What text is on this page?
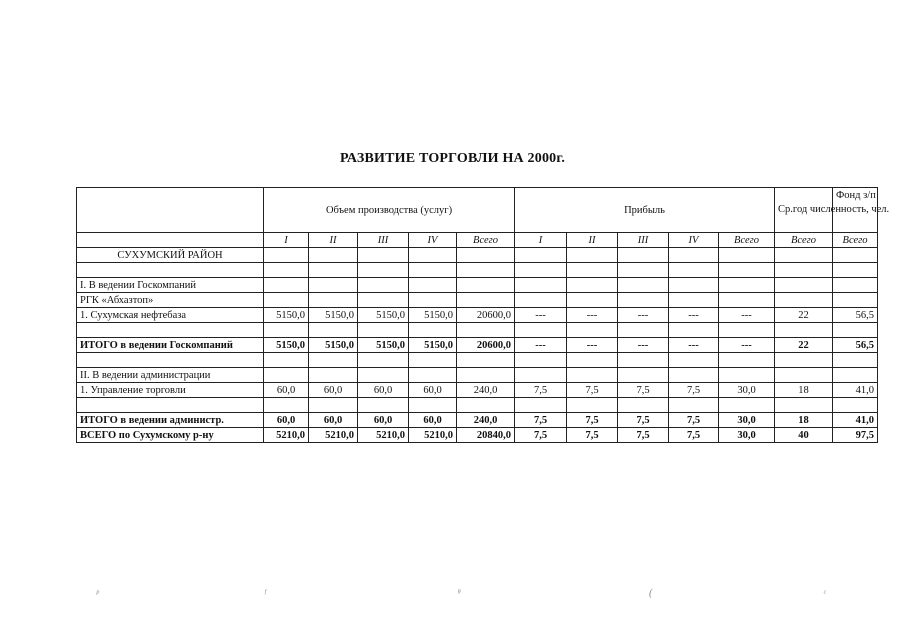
РАЗВИТИЕ ТОРГОВЛИ НА 2000г.
	Объем производства (услуг)					Прибыль					Ср.год численность, чел.	Фонд з/п
	I	II	III	IV	Всего	I	II	III	IV	Всего	Всего	Всего
СУХУМСКИЙ РАЙОН												

I. В ведении Госкомпаний												
РГК «Абхазтоп»												
1. Сухумская нефтебаза	5150,0	5150,0	5150,0	5150,0	20600,0	---	---	---	---	---	22	56,5

ИТОГО в ведении Госкомпаний	5150,0	5150,0	5150,0	5150,0	20600,0	---	---	---	---	---	22	56,5

II. В ведении администрации												
1. Управление торговли	60,0	60,0	60,0	60,0	240,0	7,5	7,5	7,5	7,5	30,0	18	41,0

ИТОГО в ведении администр.	60,0	60,0	60,0	60,0	240,0	7,5	7,5	7,5	7,5	30,0	18	41,0
ВСЕГО по Сухумскому р-ну	5210,0	5210,0	5210,0	5210,0	20840,0	7,5	7,5	7,5	7,5	30,0	40	97,5
ᵖ	ᶠ	ᶿ	(	ᶜ
